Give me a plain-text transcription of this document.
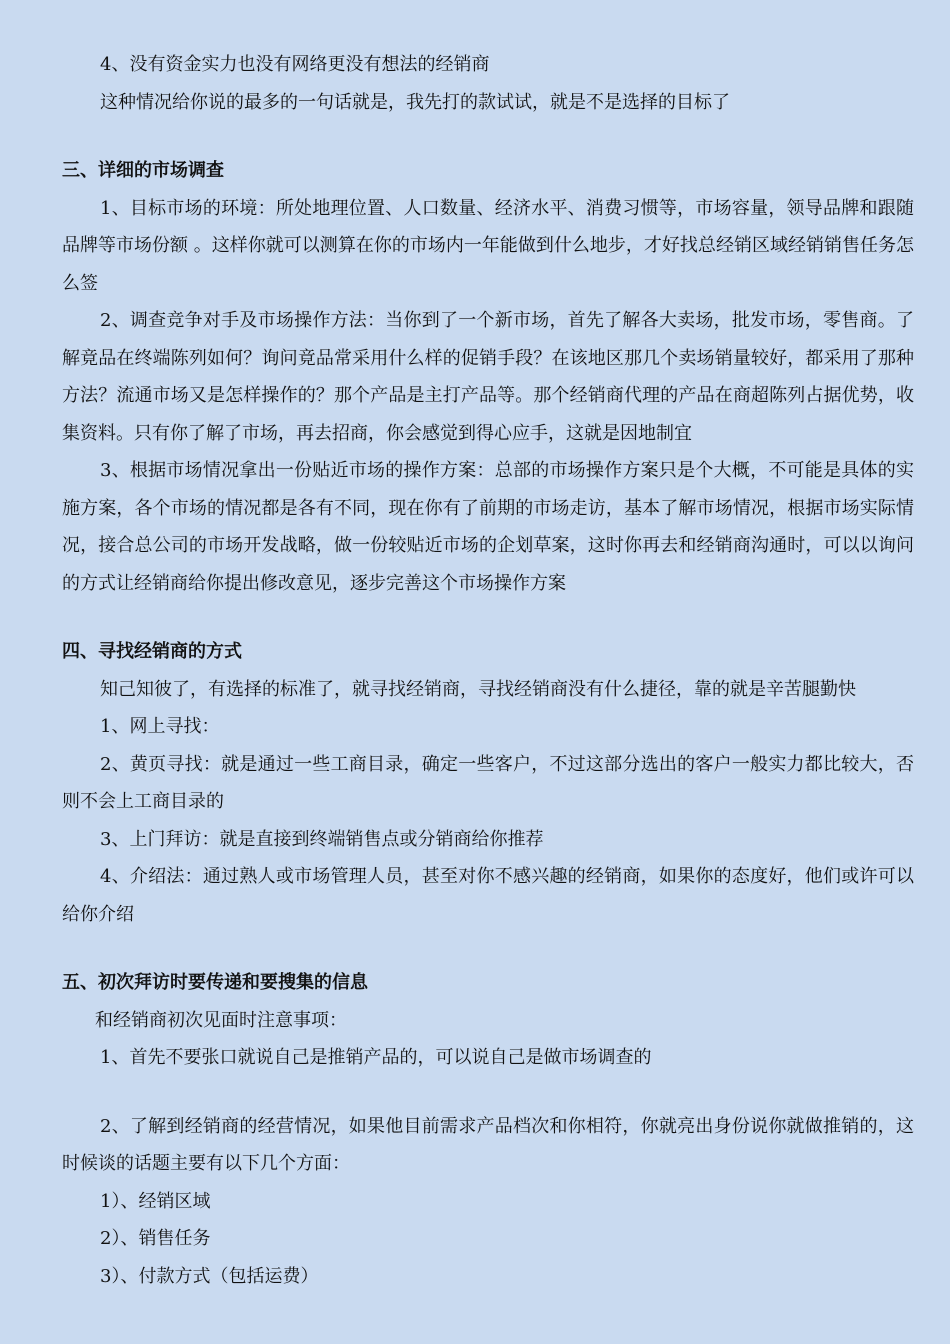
4、没有资金实力也没有网络更没有想法的经销商

这种情况给你说的最多的一句话就是，我先打的款试试，就是不是选择的目标了

三、详细的市场调查

1、目标市场的环境：所处地理位置、人口数量、经济水平、消费习惯等，市场容量，领导品牌和跟随品牌等市场份额 。这样你就可以测算在你的市场内一年能做到什么地步，才好找总经销区域经销销售任务怎么签

2、调查竞争对手及市场操作方法：当你到了一个新市场，首先了解各大卖场，批发市场，零售商。了解竟品在终端陈列如何？询问竟品常采用什么样的促销手段？在该地区那几个卖场销量较好，都采用了那种方法？流通市场又是怎样操作的？那个产品是主打产品等。那个经销商代理的产品在商超陈列占据优势，收集资料。只有你了解了市场，再去招商，你会感觉到得心应手，这就是因地制宜

3、根据市场情况拿出一份贴近市场的操作方案：总部的市场操作方案只是个大概，不可能是具体的实施方案，各个市场的情况都是各有不同，现在你有了前期的市场走访，基本了解市场情况，根据市场实际情况，接合总公司的市场开发战略，做一份较贴近市场的企划草案，这时你再去和经销商沟通时，可以以询问的方式让经销商给你提出修改意见，逐步完善这个市场操作方案

四、寻找经销商的方式

知己知彼了，有选择的标准了，就寻找经销商，寻找经销商没有什么捷径，靠的就是辛苦腿勤快

1、网上寻找：

2、黄页寻找：就是通过一些工商目录，确定一些客户，不过这部分选出的客户一般实力都比较大，否则不会上工商目录的

3、上门拜访：就是直接到终端销售点或分销商给你推荐

4、介绍法：通过熟人或市场管理人员，甚至对你不感兴趣的经销商，如果你的态度好，他们或许可以给你介绍

五、初次拜访时要传递和要搜集的信息

和经销商初次见面时注意事项：

1、首先不要张口就说自己是推销产品的，可以说自己是做市场调查的

2、了解到经销商的经营情况，如果他目前需求产品档次和你相符，你就亮出身份说你就做推销的，这时候谈的话题主要有以下几个方面：

1）、经销区域

2）、销售任务

3）、付款方式（包括运费）
